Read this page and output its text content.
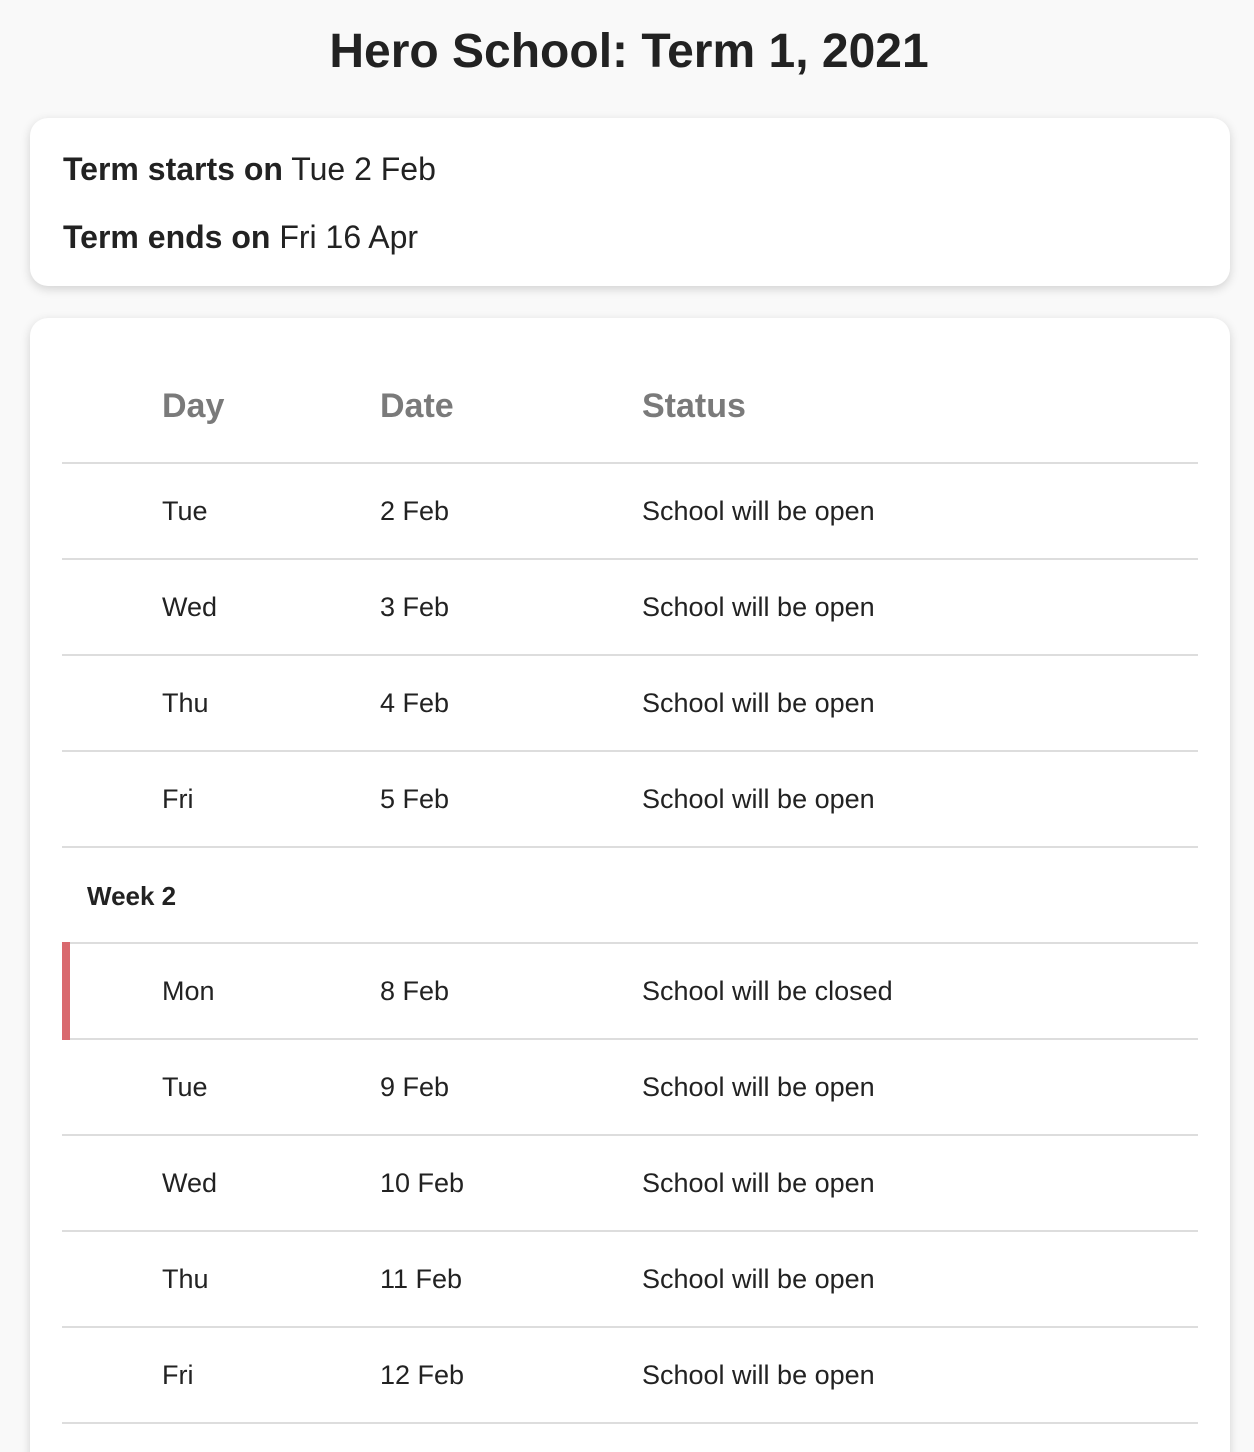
Hero School: Term 1, 2021
Term starts on Tue 2 Feb
Term ends on Fri 16 Apr
Day	Date	Status
Tue	2 Feb	School will be open
Wed	3 Feb	School will be open
Thu	4 Feb	School will be open
Fri	5 Feb	School will be open
Week 2
Mon	8 Feb	School will be closed
Tue	9 Feb	School will be open
Wed	10 Feb	School will be open
Thu	11 Feb	School will be open
Fri	12 Feb	School will be open
